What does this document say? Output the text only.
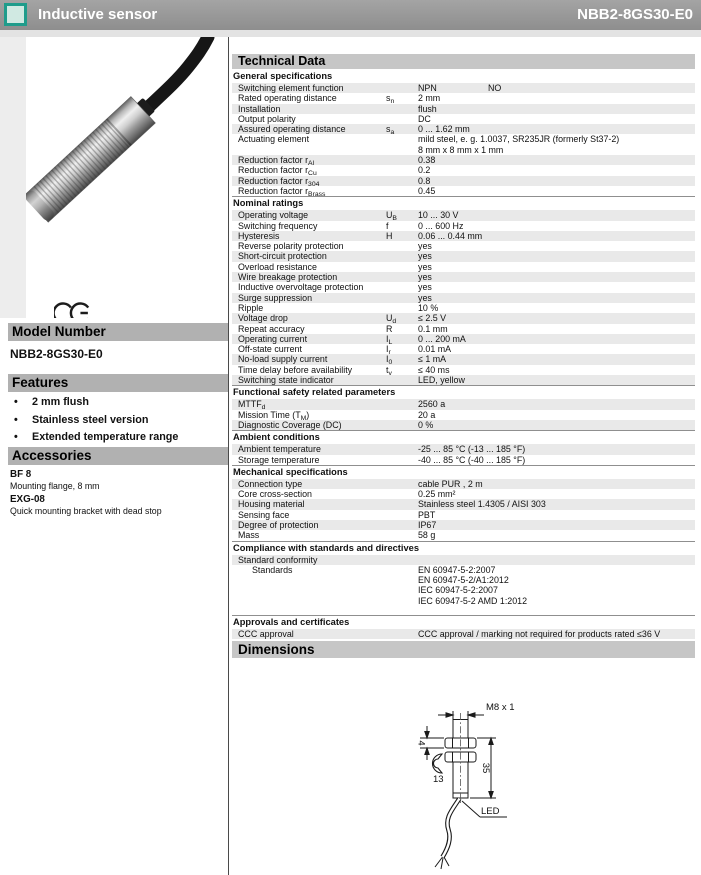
Inductive sensor	NBB2-8GS30-E0
Model Number
NBB2-8GS30-E0
Features
• 2 mm flush
• Stainless steel version
• Extended temperature range
Accessories
BF 8
Mounting flange, 8 mm
EXG-08
Quick mounting bracket with dead stop
Technical Data
General specifications
Switching element function	NPN	NO
Rated operating distance	$s_n$	2 mm
Installation	flush
Output polarity	DC
Assured operating distance	$s_a$	0 ... 1.62 mm
Actuating element	mild steel, e. g. 1.0037, SR235JR (formerly St37-2)
8 mm x 8 mm x 1 mm
Reduction factor $r_{Al}$	0.38
Reduction factor $r_{Cu}$	0.2
Reduction factor $r_{304}$	0.8
Reduction factor $r_{Brass}$	0.45
Nominal ratings
Operating voltage	$U_B$	10 ... 30 V
Switching frequency	f	0 ... 600 Hz
Hysteresis	H	0.06 ... 0.44 mm
Reverse polarity protection	yes
Short-circuit protection	yes
Overload resistance	yes
Wire breakage protection	yes
Inductive overvoltage protection	yes
Surge suppression	yes
Ripple	10 %
Voltage drop	$U_d$	≤ 2.5 V
Repeat accuracy	R	0.1 mm
Operating current	$I_L$	0 ... 200 mA
Off-state current	$I_r$	0.01 mA
No-load supply current	$I_0$	≤ 1 mA
Time delay before availability	$t_v$	≤ 40 ms
Switching state indicator	LED, yellow
Functional safety related parameters
$MTTF_d$	2560 a
Mission Time $(T_M)$	20 a
Diagnostic Coverage (DC)	0 %
Ambient conditions
Ambient temperature	-25 ... 85 °C (-13 ... 185 °F)
Storage temperature	-40 ... 85 °C (-40 ... 185 °F)
Mechanical specifications
Connection type	cable PUR , 2 m
Core cross-section	0.25 mm²
Housing material	Stainless steel 1.4305 / AISI 303
Sensing face	PBT
Degree of protection	IP67
Mass	58 g
Compliance with standards and directives
Standard conformity
Standards	EN 60947-5-2:2007
EN 60947-5-2/A1:2012
IEC 60947-5-2:2007
IEC 60947-5-2 AMD 1:2012
Approvals and certificates
CCC approval	CCC approval / marking not required for products rated ≤36 V
Dimensions
M8 x 1
4
13
35
LED
